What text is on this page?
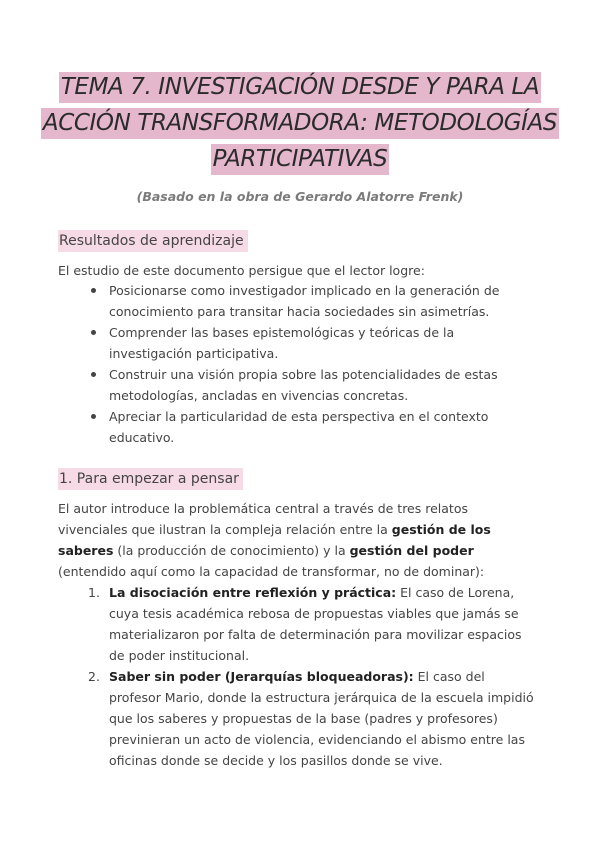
TEMA 7. INVESTIGACIÓN DESDE Y PARA LA
ACCIÓN TRANSFORMADORA: METODOLOGÍAS
PARTICIPATIVAS
(Basado en la obra de Gerardo Alatorre Frenk)
Resultados de aprendizaje
El estudio de este documento persigue que el lector logre:
Posicionarse como investigador implicado en la generación de conocimiento para transitar hacia sociedades sin asimetrías.
Comprender las bases epistemológicas y teóricas de la investigación participativa.
Construir una visión propia sobre las potencialidades de estas metodologías, ancladas en vivencias concretas.
Apreciar la particularidad de esta perspectiva en el contexto educativo.
1. Para empezar a pensar
El autor introduce la problemática central a través de tres relatos vivenciales que ilustran la compleja relación entre la gestión de los saberes (la producción de conocimiento) y la gestión del poder (entendido aquí como la capacidad de transformar, no de dominar):
1. La disociación entre reflexión y práctica: El caso de Lorena, cuya tesis académica rebosa de propuestas viables que jamás se materializaron por falta de determinación para movilizar espacios de poder institucional.
2. Saber sin poder (Jerarquías bloqueadoras): El caso del profesor Mario, donde la estructura jerárquica de la escuela impidió que los saberes y propuestas de la base (padres y profesores) previnieran un acto de violencia, evidenciando el abismo entre las oficinas donde se decide y los pasillos donde se vive.
